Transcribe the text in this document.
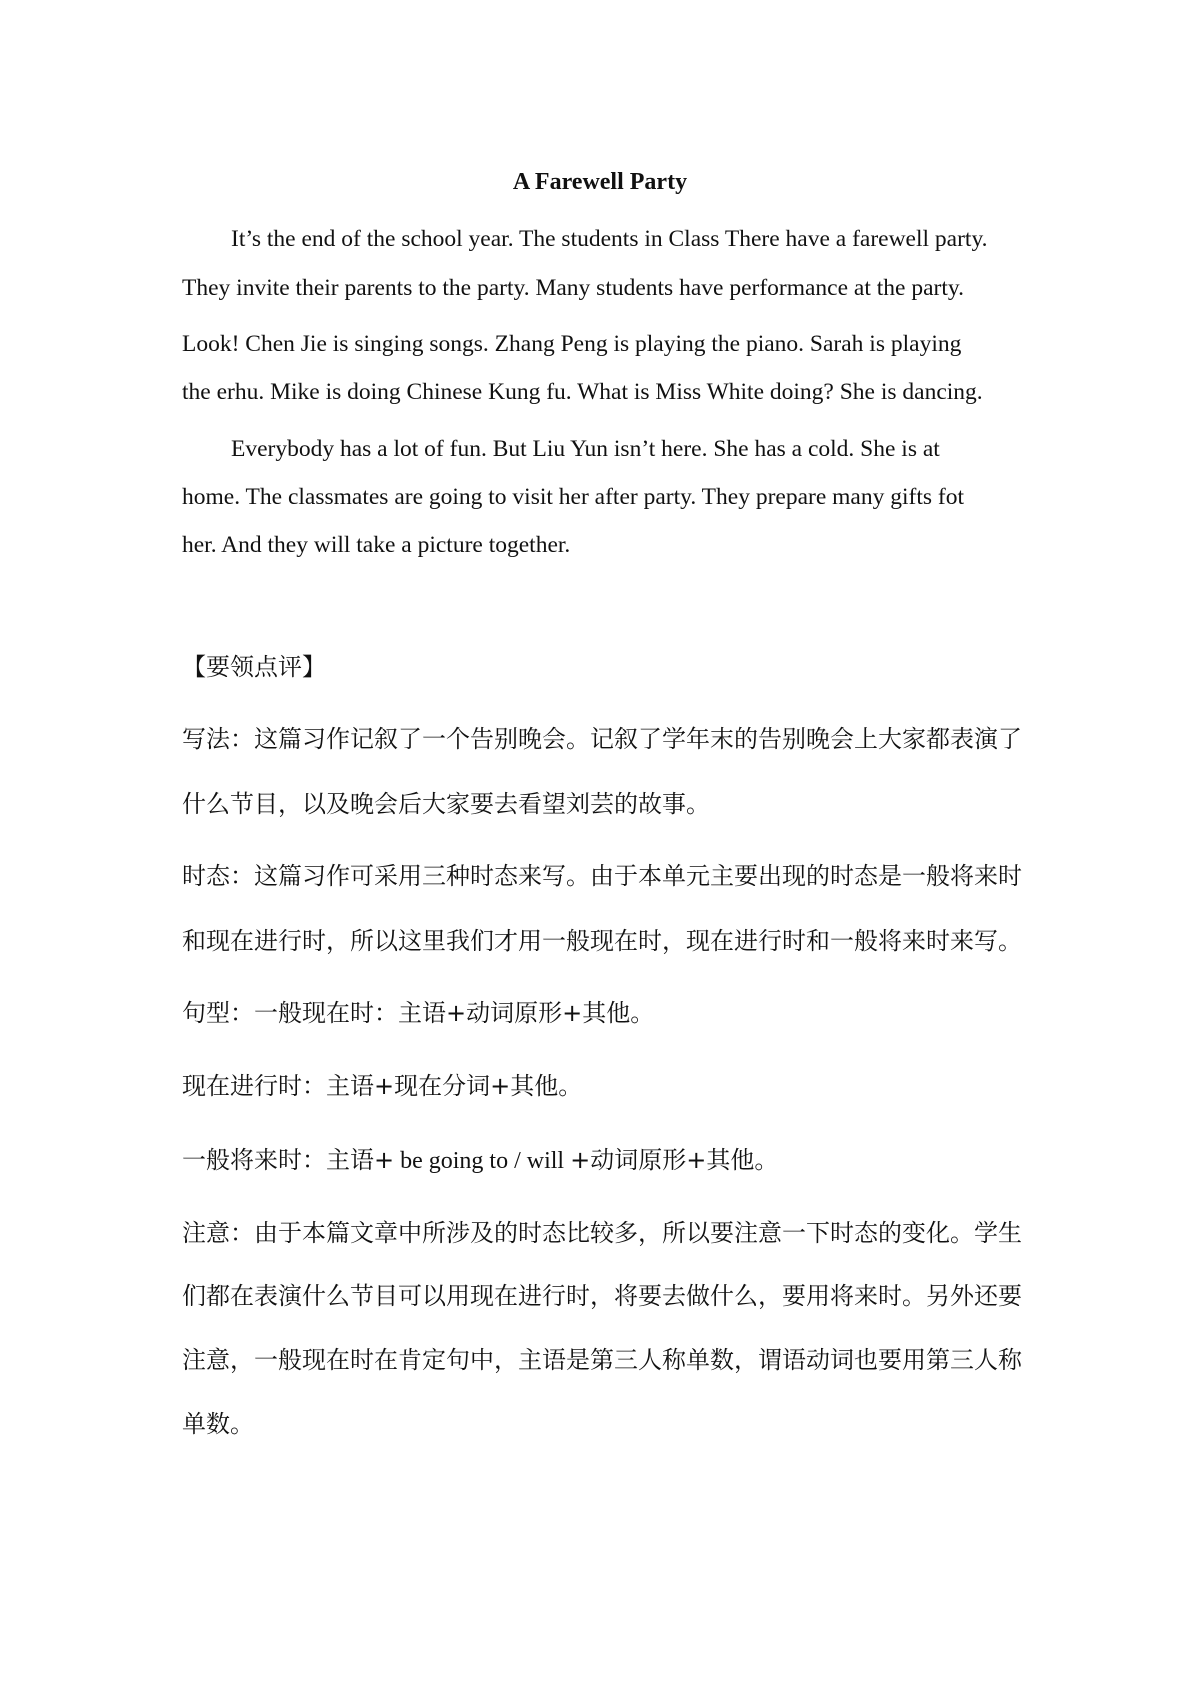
A Farewell Party
It’s the end of the school year. The students in Class There have a farewell party.
They invite their parents to the party. Many students have performance at the party.
Look! Chen Jie is singing songs. Zhang Peng is playing the piano. Sarah is playing
the erhu. Mike is doing Chinese Kung fu. What is Miss White doing? She is dancing.
Everybody has a lot of fun. But Liu Yun isn’t here. She has a cold. She is at
home. The classmates are going to visit her after party. They prepare many gifts fot
her. And they will take a picture together.
【要领点评】
写法：这篇习作记叙了一个告别晚会。记叙了学年末的告别晚会上大家都表演了
什么节目，以及晚会后大家要去看望刘芸的故事。
时态：这篇习作可采用三种时态来写。由于本单元主要出现的时态是一般将来时
和现在进行时，所以这里我们才用一般现在时，现在进行时和一般将来时来写。
句型：一般现在时：主语+动词原形+其他。
现在进行时：主语+现在分词+其他。
一般将来时：主语+ be going to / will +动词原形+其他。
注意：由于本篇文章中所涉及的时态比较多，所以要注意一下时态的变化。学生
们都在表演什么节目可以用现在进行时，将要去做什么，要用将来时。另外还要
注意，一般现在时在肯定句中，主语是第三人称单数，谓语动词也要用第三人称
单数。
